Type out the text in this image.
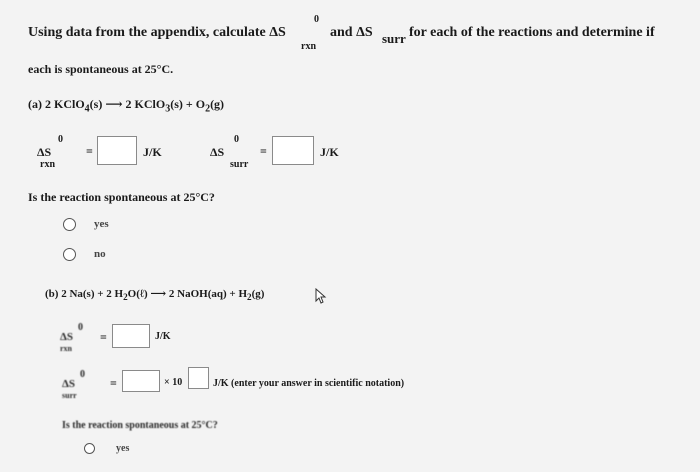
Using data from the appendix, calculate ΔS
0
rxn
and ΔS surr for each of the reactions and determine if
each is spontaneous at 25°C.
(a) 2 KClO$_4$(s) ⟶ 2 KClO$_3$(s) + $O_2(g)$
ΔS
0
rxn
=	J/K	ΔS
0
surr
=	J/K
Is the reaction spontaneous at 25°C?
yes
no
(b) 2 Na(s) + 2 $H_2O(\ell)$ ⟶ 2 NaOH(aq) + $H_2(g)$
ΔS
0
rxn
=	J/K
ΔS
0
surr
=	× 10	J/K (enter your answer in scientific notation)
Is the reaction spontaneous at 25°C?
yes
